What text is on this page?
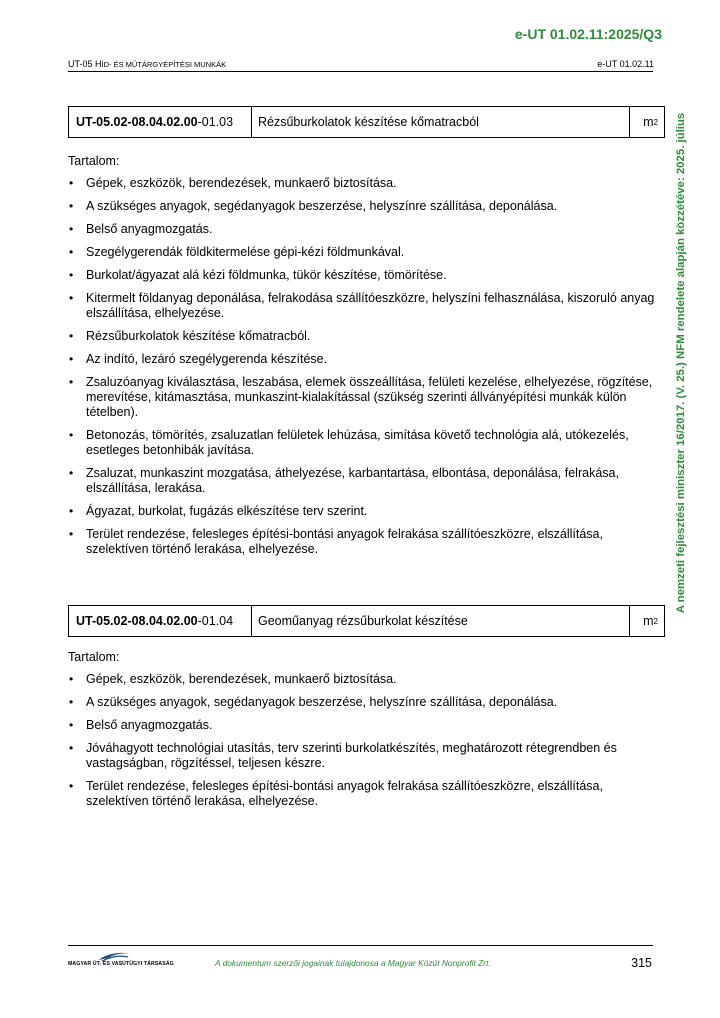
e-UT 01.02.11:2025/Q3
UT-05 HÍD- ÉS MŰTÁRGYÉPÍTÉSI MUNKÁK	e-UT 01.02.11
A nemzeti fejlesztési miniszter 16/2017. (V. 25.) NFM rendelete alapján közzétéve: 2025. július
UT-05.02-08.04.02.00 -01.03	Rézsűburkolatok készítése kőmatracból	m 2

Tartalom:

• Gépek, eszközök, berendezések, munkaerő biztosítása.
• A szükséges anyagok, segédanyagok beszerzése, helyszínre szállítása, deponálása.
• Belső anyagmozgatás.
• Szegélygerendák földkitermelése gépi-kézi földmunkával.
• Burkolat/ágyazat alá kézi földmunka, tükör készítése, tömörítése.
• Kitermelt földanyag deponálása, felrakodása szállítóeszközre, helyszíni felhasználása, kiszoruló anyag elszállítása, elhelyezése.
• Rézsűburkolatok készítése kőmatracból.
• Az indító, lezáró szegélygerenda készítése.
• Zsaluzóanyag kiválasztása, leszabása, elemek összeállítása, felületi kezelése, elhelyezése, rögzítése, merevítése, kitámasztása, munkaszint-kialakítással (szükség szerinti állványépítési munkák külön tételben).
• Betonozás, tömörítés, zsaluzatlan felületek lehúzása, simítása követő technológia alá, utókezelés, esetleges betonhibák javítása.
• Zsaluzat, munkaszint mozgatása, áthelyezése, karbantartása, elbontása, deponálása, felrakása, elszállítása, lerakása.
• Ágyazat, burkolat, fugázás elkészítése terv szerint.
• Terület rendezése, felesleges építési-bontási anyagok felrakása szállítóeszközre, elszállítása, szelektíven történő lerakása, elhelyezése.
UT-05.02-08.04.02.00 -01.04	Geoműanyag rézsűburkolat készítése	m 2

Tartalom:

• Gépek, eszközök, berendezések, munkaerő biztosítása.
• A szükséges anyagok, segédanyagok beszerzése, helyszínre szállítása, deponálása.
• Belső anyagmozgatás.
• Jóváhagyott technológiai utasítás, terv szerinti burkolatkészítés, meghatározott rétegrendben és vastagságban, rögzítéssel, teljesen készre.
• Terület rendezése, felesleges építési-bontási anyagok felrakása szállítóeszközre, elszállítása, szelektíven történő lerakása, elhelyezése.
MAGYAR ÚT- ÉS VASÚTÜGYI TÁRSASÁG	A dokumentum szerzői jogainak tulajdonosa a Magyar Közút Nonprofit Zrt.	315
